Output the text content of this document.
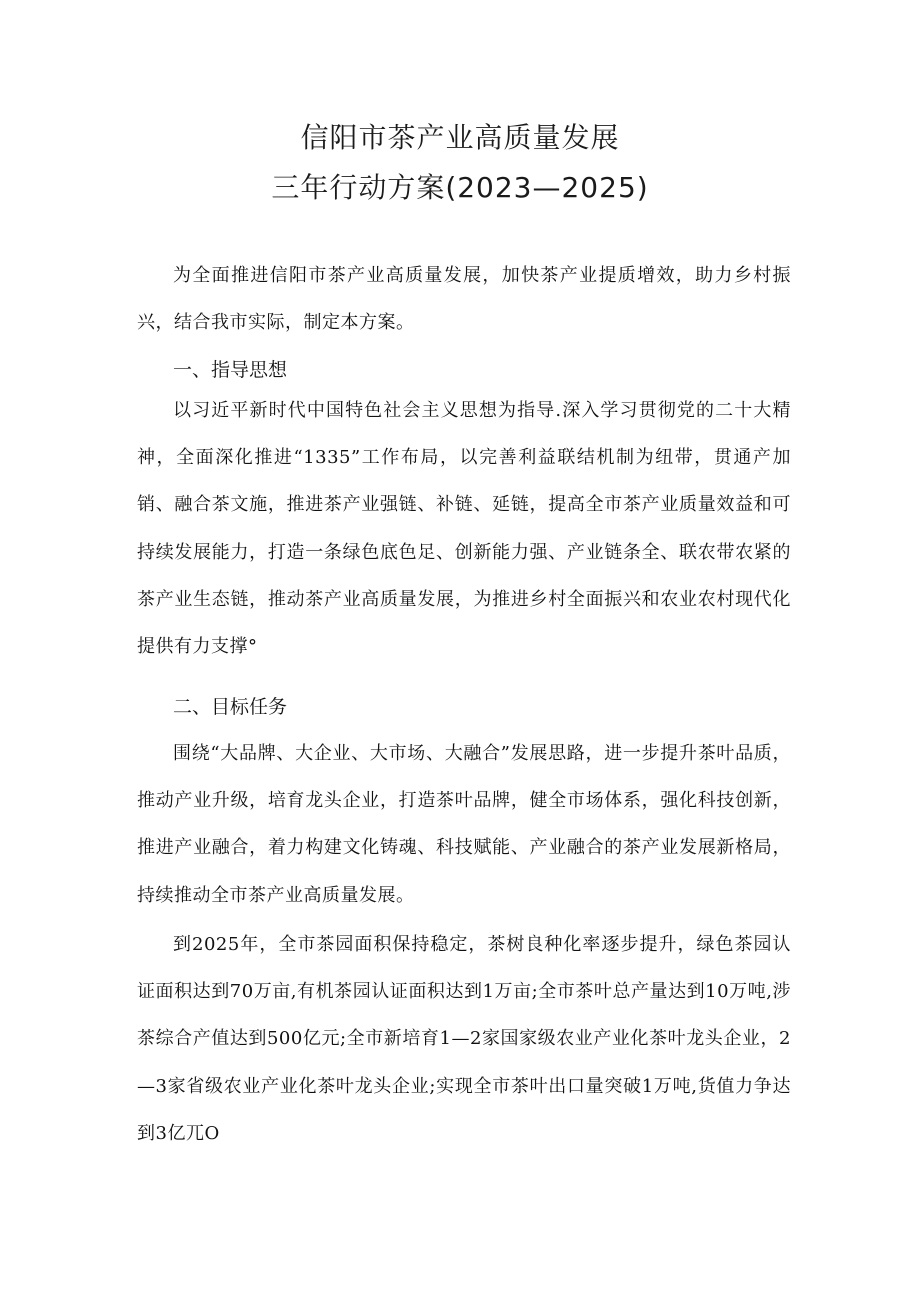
信阳市茶产业高质量发展
三年行动方案(2023—2025)
为全面推进信阳市茶产业高质量发展，加快茶产业提质增效，助力乡村振兴，结合我市实际，制定本方案。
一、指导思想
以习近平新时代中国特色社会主义思想为指导.深入学习贯彻党的二十大精神，全面深化推进“1335”工作布局，以完善利益联结机制为纽带，贯通产加销、融合茶文施，推进茶产业强链、补链、延链，提高全市茶产业质量效益和可持续发展能力，打造一条绿色底色足、创新能力强、产业链条全、联农带农紧的茶产业生态链，推动茶产业高质量发展，为推进乡村全面振兴和农业农村现代化提供有力支撑°
二、目标任务
围绕“大品牌、大企业、大市场、大融合”发展思路，进一步提升茶叶品质，推动产业升级，培育龙头企业，打造茶叶品牌，健全市场体系，强化科技创新，推进产业融合，着力构建文化铸魂、科技赋能、产业融合的茶产业发展新格局，持续推动全市茶产业高质量发展。
到2025年，全市茶园面积保持稳定，茶树良种化率逐步提升，绿色茶园认证面积达到70万亩,有机茶园认证面积达到1万亩;全市茶叶总产量达到10万吨,涉茶综合产值达到500亿元;全市新培育1—2家国家级农业产业化茶叶龙头企业，2—3家省级农业产业化茶叶龙头企业;实现全市茶叶出口量突破1万吨,货值力争达到3亿兀O
